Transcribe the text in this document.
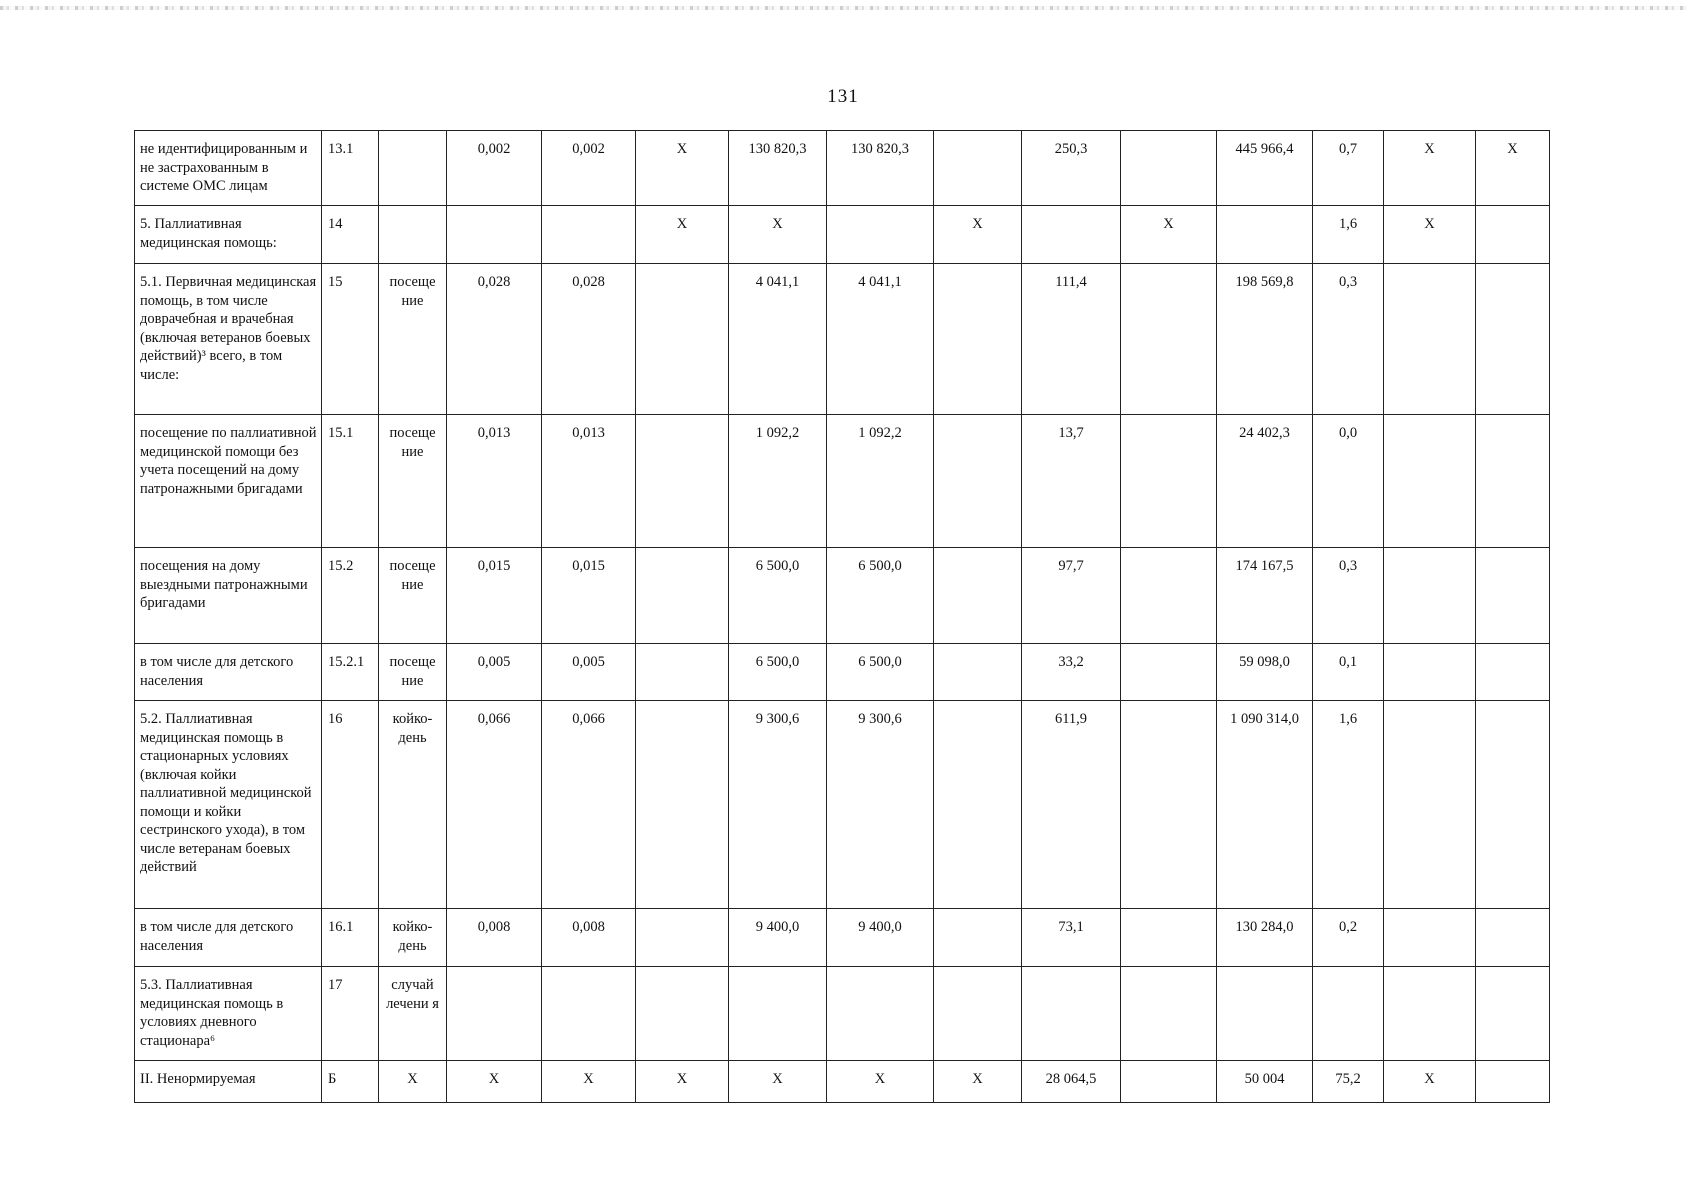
131
не идентифицированным и не застрахованным в системе ОМС лицам	13.1		0,002	0,002	Х	130 820,3	130 820,3		250,3		445 966,4	0,7	Х	Х
5. Паллиативная медицинская помощь:	14				Х	Х		Х		Х		1,6	Х	
5.1. Первичная медицинская помощь, в том числе доврачебная и врачебная (включая ветеранов боевых действий)³ всего, в том числе:	15	посеще ние	0,028	0,028		4 041,1	4 041,1		111,4		198 569,8	0,3		
посещение по паллиативной медицинской помощи без учета посещений на дому патронажными бригадами	15.1	посеще ние	0,013	0,013		1 092,2	1 092,2		13,7		24 402,3	0,0		
посещения на дому выездными патронажными бригадами	15.2	посеще ние	0,015	0,015		6 500,0	6 500,0		97,7		174 167,5	0,3		
в том числе для детского населения	15.2.1	посеще ние	0,005	0,005		6 500,0	6 500,0		33,2		59 098,0	0,1		
5.2. Паллиативная медицинская помощь в стационарных условиях (включая койки паллиативной медицинской помощи и койки сестринского ухода), в том числе ветеранам боевых действий	16	койко-день	0,066	0,066		9 300,6	9 300,6		611,9		1 090 314,0	1,6		
в том числе для детского населения	16.1	койко-день	0,008	0,008		9 400,0	9 400,0		73,1		130 284,0	0,2		
5.3. Паллиативная медицинская помощь в условиях дневного стационара⁶	17	случай лечени я												
II. Ненормируемая	Б	Х	Х	Х	Х	Х	Х	Х	28 064,5		50 004	75,2	Х	
